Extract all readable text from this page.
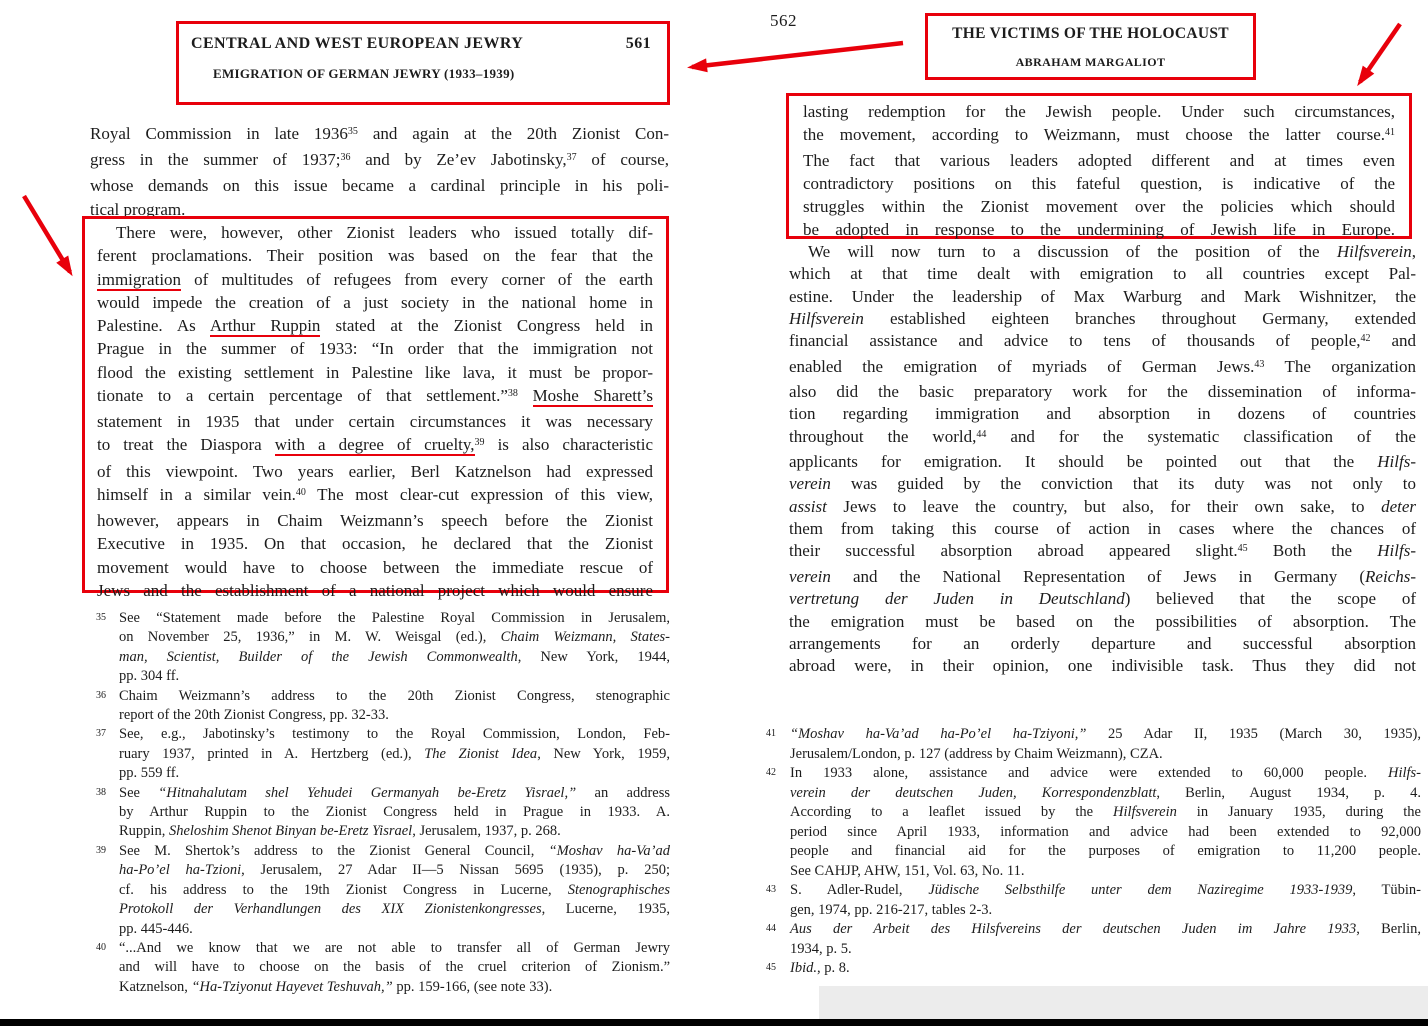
CENTRAL AND WEST EUROPEAN JEWRY	561
EMIGRATION OF GERMAN JEWRY (1933–1939)
Royal Commission in late 1936$^{35}$ and again at the 20th Zionist Con-
gress in the summer of 1937;$^{36}$ and by Ze’ev Jabotinsky,$^{37}$ of course,
whose demands on this issue became a cardinal principle in his poli-
tical program.
There were, however, other Zionist leaders who issued totally dif-
ferent proclamations. Their position was based on the fear that the
immigration of multitudes of refugees from every corner of the earth
would impede the creation of a just society in the national home in
Palestine. As Arthur Ruppin stated at the Zionist Congress held in
Prague in the summer of 1933: “In order that the immigration not
flood the existing settlement in Palestine like lava, it must be propor-
tionate to a certain percentage of that settlement.”$^{38}$ Moshe Sharett’s
statement in 1935 that under certain circumstances it was necessary
to treat the Diaspora with a degree of cruelty,$^{39}$ is also characteristic
of this viewpoint. Two years earlier, Berl Katznelson had expressed
himself in a similar vein.$^{40}$ The most clear-cut expression of this view,
however, appears in Chaim Weizmann’s speech before the Zionist
Executive in 1935. On that occasion, he declared that the Zionist
movement would have to choose between the immediate rescue of
Jews and the establishment of a national project which would ensure
35 See “Statement made before the Palestine Royal Commission in Jerusalem,
on November 25, 1936,” in M. W. Weisgal (ed.), Chaim Weizmann, States-
man, Scientist, Builder of the Jewish Commonwealth, New York, 1944,
pp. 304 ff.
36 Chaim Weizmann’s address to the 20th Zionist Congress, stenographic
report of the 20th Zionist Congress, pp. 32-33.
37 See, e.g., Jabotinsky’s testimony to the Royal Commission, London, Feb-
ruary 1937, printed in A. Hertzberg (ed.), The Zionist Idea, New York, 1959,
pp. 559 ff.
38 See “Hitnahalutam shel Yehudei Germanyah be-Eretz Yisrael,” an address
by Arthur Ruppin to the Zionist Congress held in Prague in 1933. A.
Ruppin, Sheloshim Shenot Binyan be-Eretz Yisrael, Jerusalem, 1937, p. 268.
39 See M. Shertok’s address to the Zionist General Council, “Moshav ha-Va’ad
ha-Po’el ha-Tzioni, Jerusalem, 27 Adar II—5 Nissan 5695 (1935), p. 250;
cf. his address to the 19th Zionist Congress in Lucerne, Stenographisches
Protokoll der Verhandlungen des XIX Zionistenkongresses, Lucerne, 1935,
pp. 445-446.
40 “...And we know that we are not able to transfer all of German Jewry
and will have to choose on the basis of the cruel criterion of Zionism.”
Katznelson, “Ha-Tziyonut Hayevet Teshuvah,” pp. 159-166, (see note 33).
562
THE VICTIMS OF THE HOLOCAUST
ABRAHAM MARGALIOT
lasting redemption for the Jewish people. Under such circumstances,
the movement, according to Weizmann, must choose the latter course.$^{41}$
The fact that various leaders adopted different and at times even
contradictory positions on this fateful question, is indicative of the
struggles within the Zionist movement over the policies which should
be adopted in response to the undermining of Jewish life in Europe.
We will now turn to a discussion of the position of the Hilfsverein,
which at that time dealt with emigration to all countries except Pal-
estine. Under the leadership of Max Warburg and Mark Wishnitzer, the
Hilfsverein established eighteen branches throughout Germany, extended
financial assistance and advice to tens of thousands of people,$^{42}$ and
enabled the emigration of myriads of German Jews.$^{43}$ The organization
also did the basic preparatory work for the dissemination of informa-
tion regarding immigration and absorption in dozens of countries
throughout the world,$^{44}$ and for the systematic classification of the
applicants for emigration. It should be pointed out that the Hilfs-
verein was guided by the conviction that its duty was not only to
assist Jews to leave the country, but also, for their own sake, to deter
them from taking this course of action in cases where the chances of
their successful absorption abroad appeared slight.$^{45}$ Both the Hilfs-
verein and the National Representation of Jews in Germany (Reichs-
vertretung der Juden in Deutschland) believed that the scope of
the emigration must be based on the possibilities of absorption. The
arrangements for an orderly departure and successful absorption
abroad were, in their opinion, one indivisible task. Thus they did not
41 “Moshav ha-Va’ad ha-Po’el ha-Tziyoni,” 25 Adar II, 1935 (March 30, 1935),
Jerusalem/London, p. 127 (address by Chaim Weizmann), CZA.
42 In 1933 alone, assistance and advice were extended to 60,000 people. Hilfs-
verein der deutschen Juden, Korrespondenzblatt, Berlin, August 1934, p. 4.
According to a leaflet issued by the Hilfsverein in January 1935, during the
period since April 1933, information and advice had been extended to 92,000
people and financial aid for the purposes of emigration to 11,200 people.
See CAHJP, AHW, 151, Vol. 63, No. 11.
43 S. Adler-Rudel, Jüdische Selbsthilfe unter dem Naziregime 1933-1939, Tübin-
gen, 1974, pp. 216-217, tables 2-3.
44 Aus der Arbeit des Hilsfvereins der deutschen Juden im Jahre 1933, Berlin,
1934, p. 5.
45 Ibid., p. 8.
